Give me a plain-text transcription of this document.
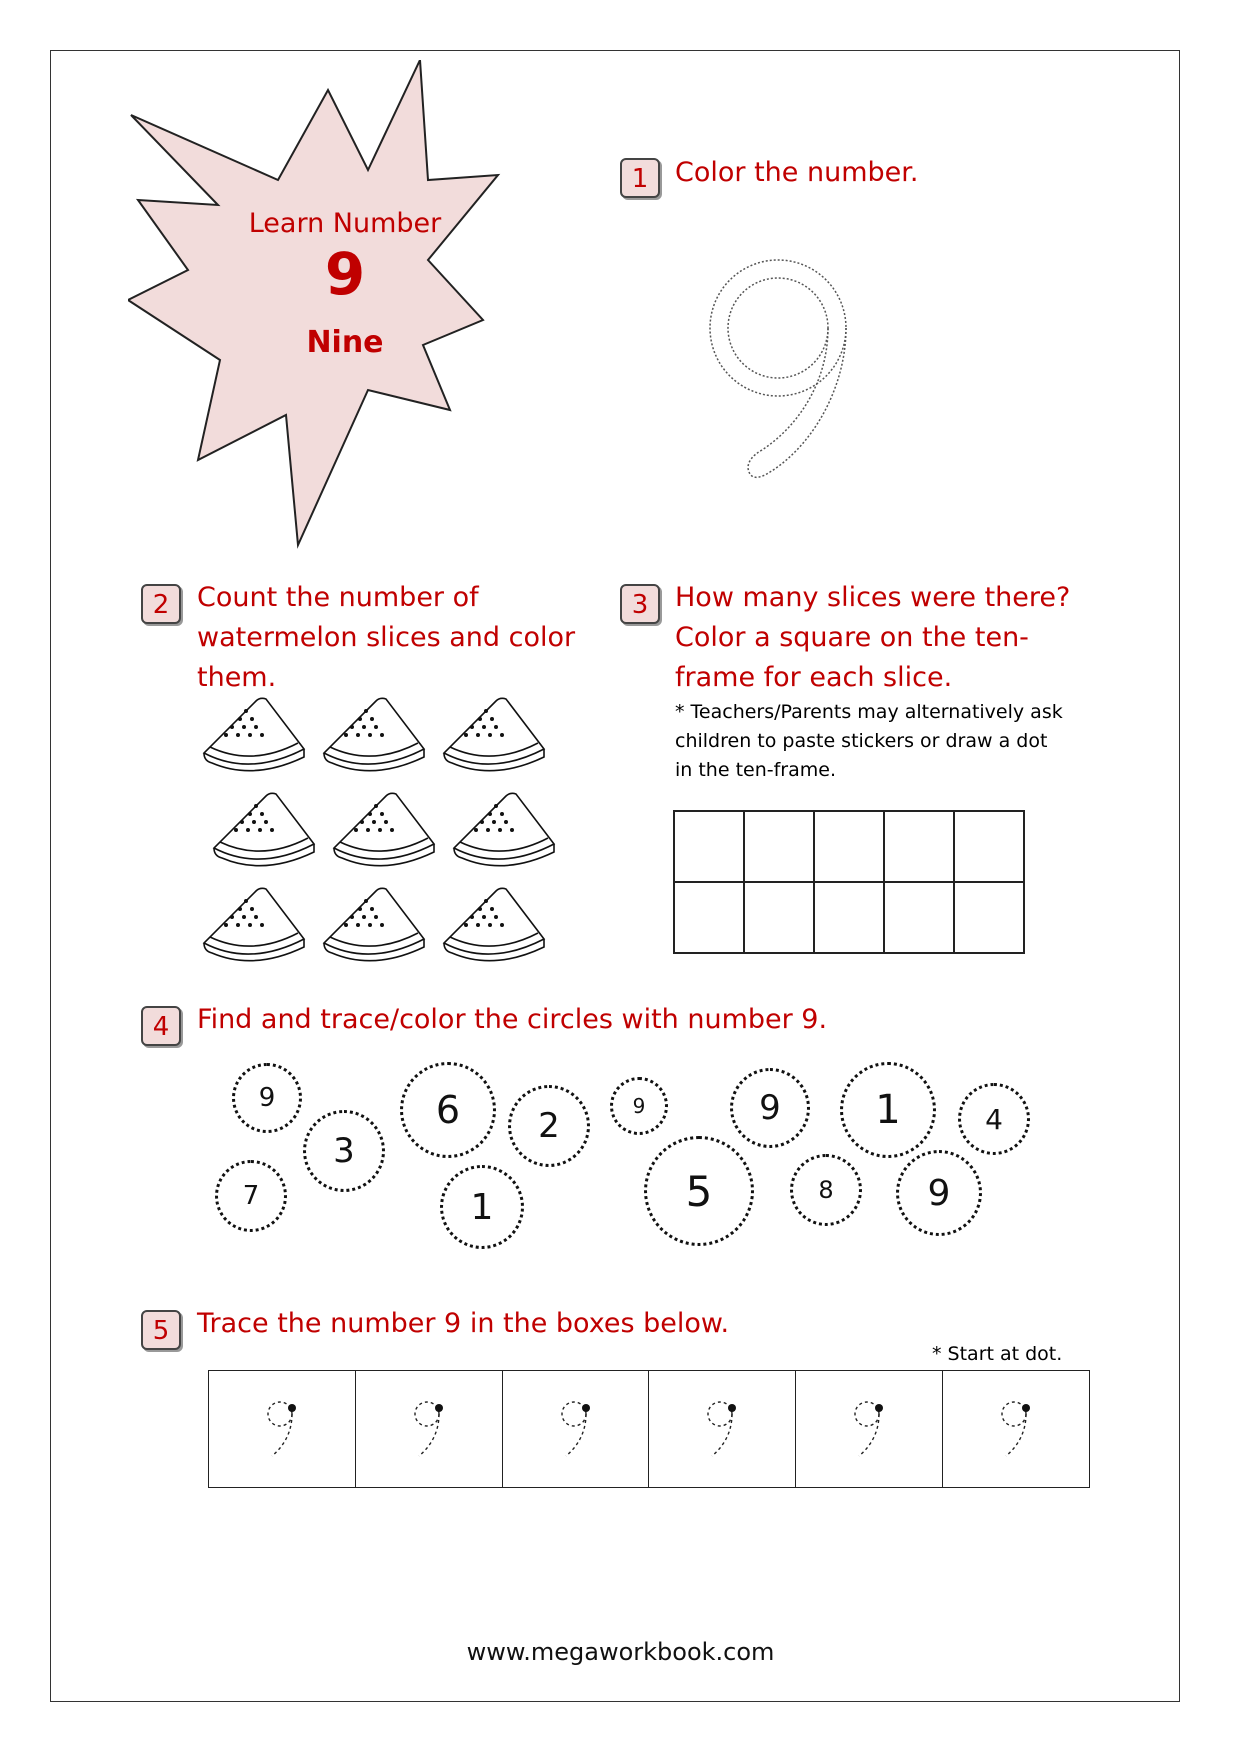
Learn Number
9
Nine
1 Color the number.
2	Count the number of
watermelon slices and color
them.
3 How many slices were there?
Color a square on the ten-
frame for each slice.
* Teachers/Parents may alternatively ask
children to paste stickers or draw a dot
in the ten-frame.
4	Find and trace/color the circles with number 9.
9
3
6	2	9	9	1	4
7	1	5	8	9
5	Trace the number 9 in the boxes below.
* Start at dot.
www.megaworkbook.com
